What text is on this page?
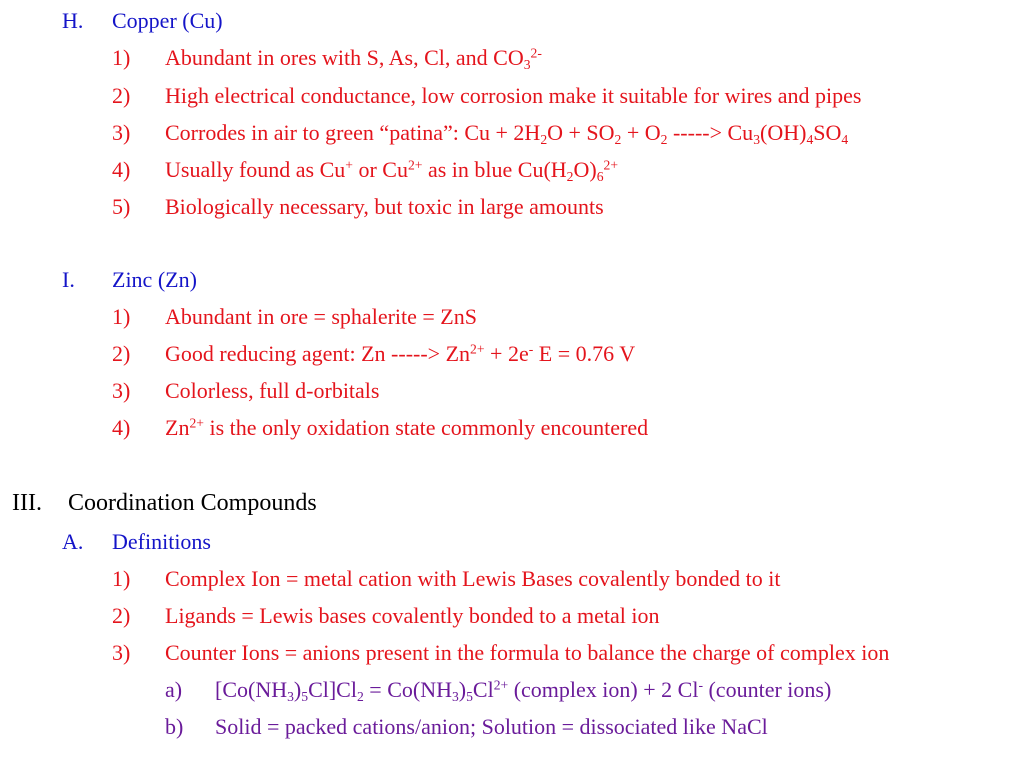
H. Copper (Cu)
1) Abundant in ores with S, As, Cl, and $CO_3^{2-}$
2) High electrical conductance, low corrosion make it suitable for wires and pipes
3) Corrodes in air to green “patina”: $Cu + 2H_2O + SO_2 + O_2$ -----> $Cu_3(OH)_4SO_4$
4) Usually found as Cu+ or $Cu^{2+}$ as in blue $Cu(H_2O)_6^{2+}$
5) Biologically necessary, but toxic in large amounts
I. Zinc (Zn)
1) Abundant in ore = sphalerite = ZnS
2) Good reducing agent: Zn -----> $Zn^{2+} + 2e^-$ E = 0.76 V
3) Colorless, full d-orbitals
4) $Zn^{2+}$ is the only oxidation state commonly encountered
III. Coordination Compounds
A. Definitions
1) Complex Ion = metal cation with Lewis Bases covalently bonded to it
2) Ligands = Lewis bases covalently bonded to a metal ion
3) Counter Ions = anions present in the formula to balance the charge of complex ion
a) $[Co(NH_3)_5Cl]Cl_2 = Co(NH_3)_5Cl^{2+}$ (complex ion) + 2 Cl- (counter ions)
b) Solid = packed cations/anion; Solution = dissociated like NaCl
